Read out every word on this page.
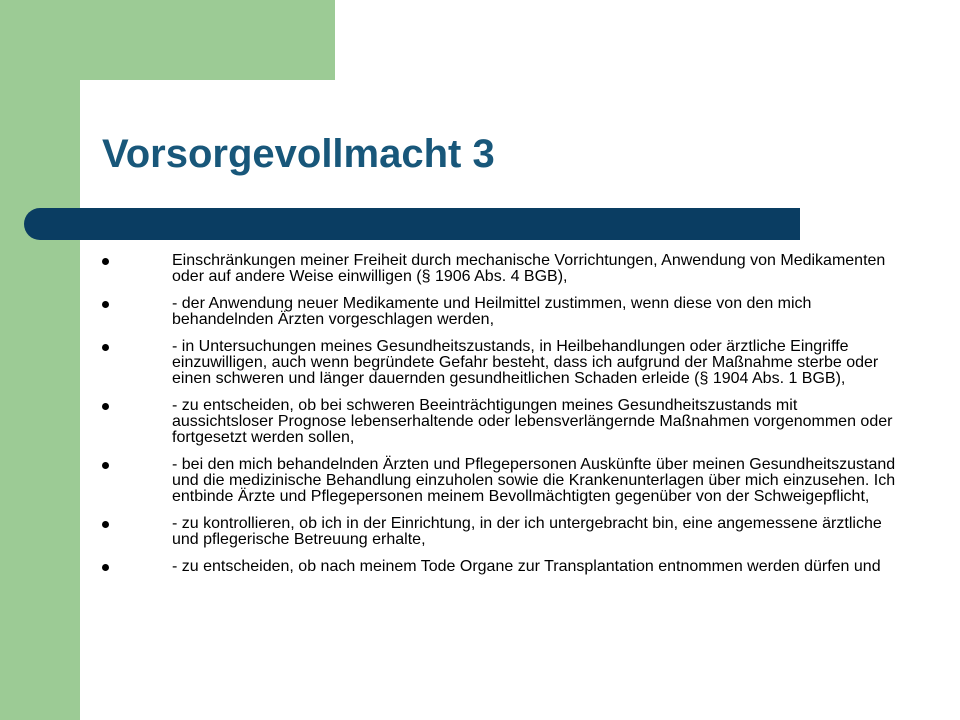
Vorsorgevollmacht 3
Einschränkungen meiner Freiheit durch mechanische Vorrichtungen, Anwendung von Medikamenten oder auf andere Weise einwilligen (§ 1906 Abs. 4 BGB),
- der Anwendung neuer Medikamente und Heilmittel zustimmen, wenn diese von den mich behandelnden Ärzten vorgeschlagen werden,
- in Untersuchungen meines Gesundheitszustands, in Heilbehandlungen oder ärztliche Eingriffe einzuwilligen, auch wenn begründete Gefahr besteht, dass ich aufgrund der Maßnahme sterbe oder einen schweren und länger dauernden gesundheitlichen Schaden erleide (§ 1904 Abs. 1 BGB),
- zu entscheiden, ob bei schweren Beeinträchtigungen meines Gesundheitszustands mit aussichtsloser Prognose lebenserhaltende oder lebensverlängernde Maßnahmen vorgenommen oder fortgesetzt werden sollen,
- bei den mich behandelnden Ärzten und Pflegepersonen Auskünfte über meinen Gesundheitszustand und die medizinische Behandlung einzuholen sowie die Krankenunterlagen über mich einzusehen. Ich entbinde Ärzte und Pflegepersonen meinem Bevollmächtigten gegenüber von der Schweigepflicht,
- zu kontrollieren, ob ich in der Einrichtung, in der ich untergebracht bin, eine angemessene ärztliche und pflegerische Betreuung erhalte,
- zu entscheiden, ob nach meinem Tode Organe zur Transplantation entnommen werden dürfen und
